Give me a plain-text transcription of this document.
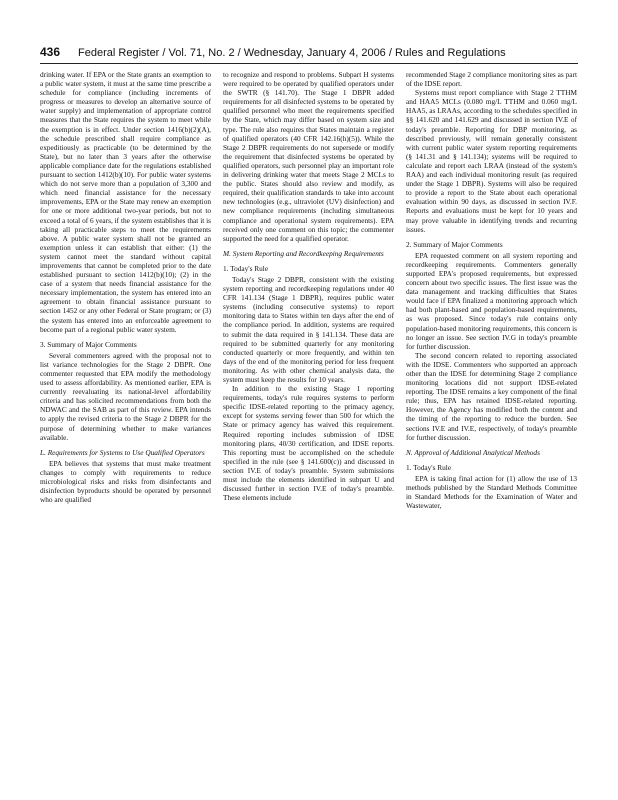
436 Federal Register / Vol. 71, No. 2 / Wednesday, January 4, 2006 / Rules and Regulations

drinking water. If EPA or the State grants an exemption to a public water system, it must at the same time prescribe a schedule for compliance (including increments of progress or measures to develop an alternative source of water supply) and implementation of appropriate control measures that the State requires the system to meet while the exemption is in effect. Under section 1416(b)(2)(A), the schedule prescribed shall require compliance as expeditiously as practicable (to be determined by the State), but no later than 3 years after the otherwise applicable compliance date for the regulations established pursuant to section 1412(b)(10). For public water systems which do not serve more than a population of 3,300 and which need financial assistance for the necessary improvements, EPA or the State may renew an exemption for one or more additional two-year periods, but not to exceed a total of 6 years, if the system establishes that it is taking all practicable steps to meet the requirements above. A public water system shall not be granted an exemption unless it can establish that either: (1) the system cannot meet the standard without capital improvements that cannot be completed prior to the date established pursuant to section 1412(b)(10); (2) in the case of a system that needs financial assistance for the necessary implementation, the system has entered into an agreement to obtain financial assistance pursuant to section 1452 or any other Federal or State program; or (3) the system has entered into an enforceable agreement to become part of a regional public water system.

3. Summary of Major Comments

Several commenters agreed with the proposal not to list variance technologies for the Stage 2 DBPR. One commenter requested that EPA modify the methodology used to assess affordability. As mentioned earlier, EPA is currently reevaluating its national-level affordability criteria and has solicited recommendations from both the NDWAC and the SAB as part of this review. EPA intends to apply the revised criteria to the Stage 2 DBPR for the purpose of determining whether to make variances available.

L. Requirements for Systems to Use Qualified Operators

EPA believes that systems that must make treatment changes to comply with requirements to reduce microbiological risks and risks from disinfectants and disinfection byproducts should be operated by personnel who are qualified

to recognize and respond to problems. Subpart H systems were required to be operated by qualified operators under the SWTR (§ 141.70). The Stage 1 DBPR added requirements for all disinfected systems to be operated by qualified personnel who meet the requirements specified by the State, which may differ based on system size and type. The rule also requires that States maintain a register of qualified operators (40 CFR 142.16(h)(5)). While the Stage 2 DBPR requirements do not supersede or modify the requirement that disinfected systems be operated by qualified operators, such personnel play an important role in delivering drinking water that meets Stage 2 MCLs to the public. States should also review and modify, as required, their qualification standards to take into account new technologies (e.g., ultraviolet (UV) disinfection) and new compliance requirements (including simultaneous compliance and operational system requirements). EPA received only one comment on this topic; the commenter supported the need for a qualified operator.

M. System Reporting and Recordkeeping Requirements
1. Today's Rule

Today's Stage 2 DBPR, consistent with the existing system reporting and recordkeeping regulations under 40 CFR 141.134 (Stage 1 DBPR), requires public water systems (including consecutive systems) to report monitoring data to States within ten days after the end of the compliance period. In addition, systems are required to submit the data required in § 141.134. These data are required to be submitted quarterly for any monitoring conducted quarterly or more frequently, and within ten days of the end of the monitoring period for less frequent monitoring. As with other chemical analysis data, the system must keep the results for 10 years.

In addition to the existing Stage 1 reporting requirements, today's rule requires systems to perform specific IDSE-related reporting to the primacy agency, except for systems serving fewer than 500 for which the State or primacy agency has waived this requirement. Required reporting includes submission of IDSE monitoring plans, 40/30 certification, and IDSE reports. This reporting must be accomplished on the schedule specified in the rule (see § 141.600(c)) and discussed in section IV.E of today's preamble. System submissions must include the elements identified in subpart U and discussed further in section IV.E of today's preamble. These elements include

recommended Stage 2 compliance monitoring sites as part of the IDSE report.

Systems must report compliance with Stage 2 TTHM and HAA5 MCLs (0.080 mg/L TTHM and 0.060 mg/L HAA5, as LRAAs, according to the schedules specified in §§ 141.620 and 141.629 and discussed in section IV.E of today's preamble. Reporting for DBP monitoring, as described previously, will remain generally consistent with current public water system reporting requirements (§ 141.31 and § 141.134); systems will be required to calculate and report each LRAA (instead of the system's RAA) and each individual monitoring result (as required under the Stage 1 DBPR). Systems will also be required to provide a report to the State about each operational evaluation within 90 days, as discussed in section IV.F. Reports and evaluations must be kept for 10 years and may prove valuable in identifying trends and recurring issues.

2. Summary of Major Comments

EPA requested comment on all system reporting and recordkeeping requirements. Commenters generally supported EPA's proposed requirements, but expressed concern about two specific issues. The first issue was the data management and tracking difficulties that States would face if EPA finalized a monitoring approach which had both plant-based and population-based requirements, as was proposed. Since today's rule contains only population-based monitoring requirements, this concern is no longer an issue. See section IV.G in today's preamble for further discussion.

The second concern related to reporting associated with the IDSE. Commenters who supported an approach other than the IDSE for determining Stage 2 compliance monitoring locations did not support IDSE-related reporting. The IDSE remains a key component of the final rule; thus, EPA has retained IDSE-related reporting. However, the Agency has modified both the content and the timing of the reporting to reduce the burden. See sections IV.E and IV.E, respectively, of today's preamble for further discussion.

N. Approval of Additional Analytical Methods
1. Today's Rule

EPA is taking final action for (1) allow the use of 13 methods published by the Standard Methods Committee in Standard Methods for the Examination of Water and Wastewater,
